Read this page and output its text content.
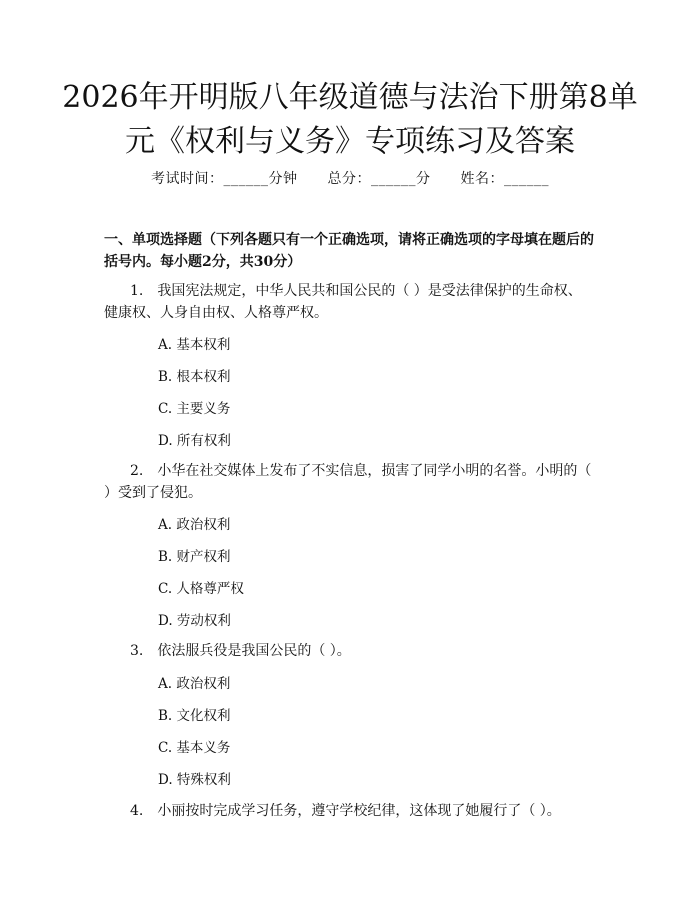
2026年开明版八年级道德与法治下册第8单元《权利与义务》专项练习及答案
考试时间：______分钟 总分：______分 姓名：______
一、单项选择题（下列各题只有一个正确选项，请将正确选项的字母填在题后的括号内。每小题2分，共30分）
1.　我国宪法规定，中华人民共和国公民的（ ）是受法律保护的生命权、健康权、人身自由权、人格尊严权。
A. 基本权利
B. 根本权利
C. 主要义务
D. 所有权利
2.　小华在社交媒体上发布了不实信息，损害了同学小明的名誉。小明的（ ）受到了侵犯。
A. 政治权利
B. 财产权利
C. 人格尊严权
D. 劳动权利
3.　依法服兵役是我国公民的（ ）。
A. 政治权利
B. 文化权利
C. 基本义务
D. 特殊权利
4.　小丽按时完成学习任务，遵守学校纪律，这体现了她履行了（ ）。
